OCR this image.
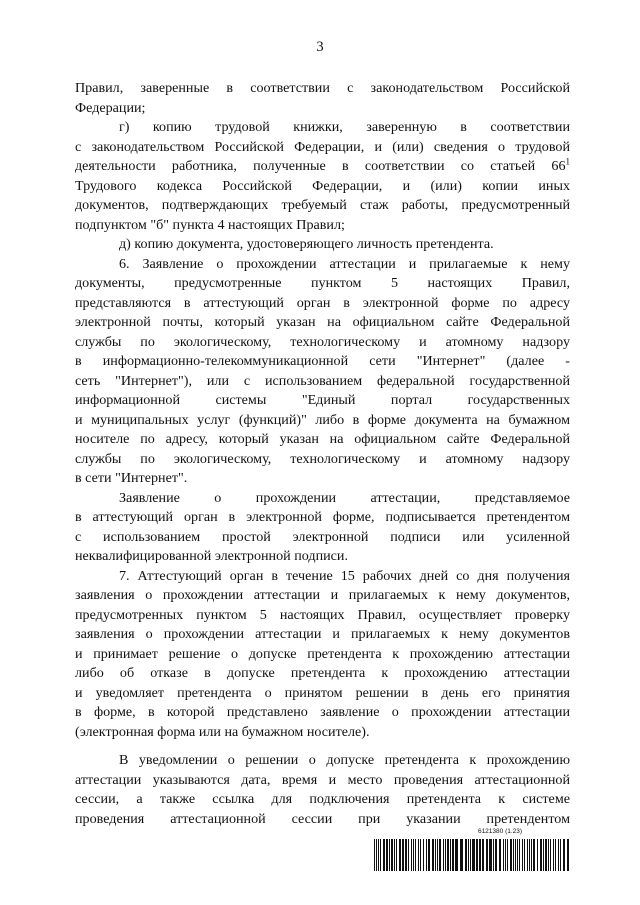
3

Правил, заверенные в соответствии с законодательством Российской

Федерации;

г) копию трудовой книжки, заверенную в соответствии

с законодательством Российской Федерации, и (или) сведения о трудовой

деятельности работника, полученные в соответствии со статьей $66^1$

Трудового кодекса Российской Федерации, и (или) копии иных

документов, подтверждающих требуемый стаж работы, предусмотренный

подпунктом "б" пункта 4 настоящих Правил;

д) копию документа, удостоверяющего личность претендента.

6. Заявление о прохождении аттестации и прилагаемые к нему

документы, предусмотренные пунктом 5 настоящих Правил,

представляются в аттестующий орган в электронной форме по адресу

электронной почты, который указан на официальном сайте Федеральной

службы по экологическому, технологическому и атомному надзору

в информационно-телекоммуникационной сети "Интернет" (далее -

сеть "Интернет"), или с использованием федеральной государственной

информационной системы "Единый портал государственных

и муниципальных услуг (функций)" либо в форме документа на бумажном

носителе по адресу, который указан на официальном сайте Федеральной

службы по экологическому, технологическому и атомному надзору

в сети "Интернет".

Заявление о прохождении аттестации, представляемое

в аттестующий орган в электронной форме, подписывается претендентом

с использованием простой электронной подписи или усиленной

неквалифицированной электронной подписи.

7. Аттестующий орган в течение 15 рабочих дней со дня получения

заявления о прохождении аттестации и прилагаемых к нему документов,

предусмотренных пунктом 5 настоящих Правил, осуществляет проверку

заявления о прохождении аттестации и прилагаемых к нему документов

и принимает решение о допуске претендента к прохождению аттестации

либо об отказе в допуске претендента к прохождению аттестации

и уведомляет претендента о принятом решении в день его принятия

в форме, в которой представлено заявление о прохождении аттестации

(электронная форма или на бумажном носителе).

В уведомлении о решении о допуске претендента к прохождению

аттестации указываются дата, время и место проведения аттестационной

сессии, а также ссылка для подключения претендента к системе

проведения аттестационной сессии при указании претендентом

6121380 (1.23)
